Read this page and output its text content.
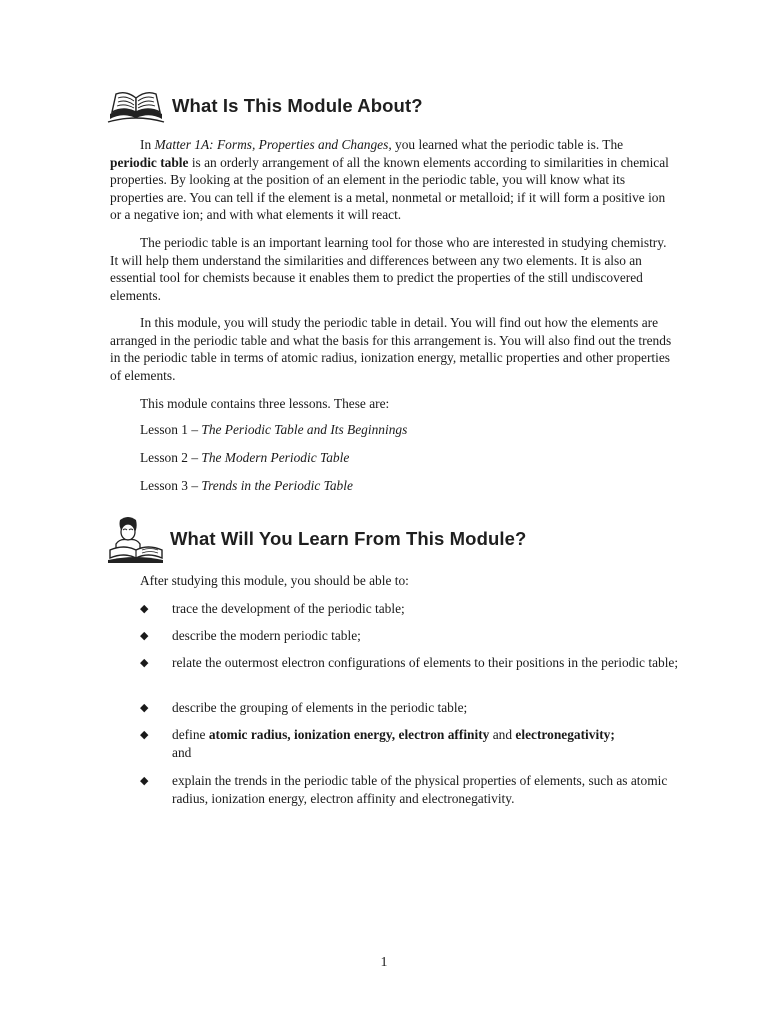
What Is This Module About?

In Matter 1A: Forms, Properties and Changes, you learned what the periodic table is. The periodic table is an orderly arrangement of all the known elements according to similarities in chemical properties. By looking at the position of an element in the periodic table, you will know what its properties are. You can tell if the element is a metal, nonmetal or metalloid; if it will form a positive ion or a negative ion; and with what elements it will react.

The periodic table is an important learning tool for those who are interested in studying chemistry. It will help them understand the similarities and differences between any two elements. It is also an essential tool for chemists because it enables them to predict the properties of the still undiscovered elements.

In this module, you will study the periodic table in detail. You will find out how the elements are arranged in the periodic table and what the basis for this arrangement is. You will also find out the trends in the periodic table in terms of atomic radius, ionization energy, metallic properties and other properties of elements.

This module contains three lessons. These are:
Lesson 1 – The Periodic Table and Its Beginnings
Lesson 2 – The Modern Periodic Table
Lesson 3 – Trends in the Periodic Table
What Will You Learn From This Module?
After studying this module, you should be able to:
◆ trace the development of the periodic table;
◆ describe the modern periodic table;
◆ relate the outermost electron configurations of elements to their positions in the periodic table;
◆ describe the grouping of elements in the periodic table;
◆ define atomic radius, ionization energy, electron affinity and electronegativity;
and
◆ explain the trends in the periodic table of the physical properties of elements, such as atomic radius, ionization energy, electron affinity and electronegativity.
1
